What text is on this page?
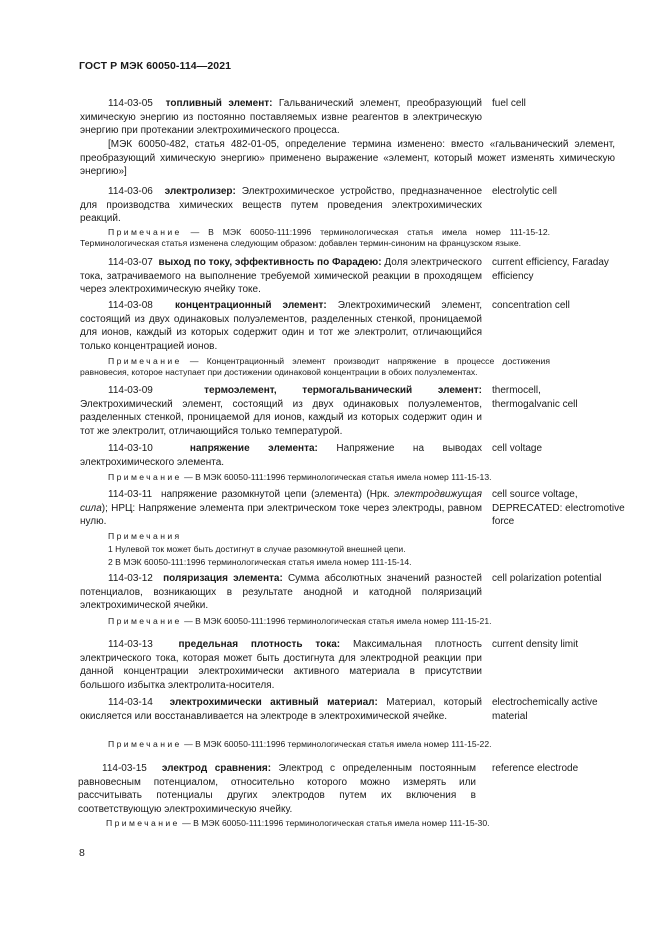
ГОСТ Р МЭК 60050-114—2021
114-03-05 топливный элемент: Гальванический элемент, преобразующий химическую энергию из постоянно поставляемых извне реагентов в электрическую энергию при протекании электрохимического процесса.
fuel cell
[МЭК 60050-482, статья 482-01-05, определение термина изменено: вместо «гальванический элемент, преобразующий химическую энергию» применено выражение «элемент, который может изменять химическую энергию»]
114-03-06 электролизер: Электрохимическое устройство, предназначенное для производства химических веществ путем проведения электрохимических реакций.
electrolytic cell
Примечание — В МЭК 60050-111:1996 терминологическая статья имела номер 111-15-12. Терминологическая статья изменена следующим образом: добавлен термин-синоним на французском языке.
114-03-07 выход по току, эффективность по Фарадею: Доля электрического тока, затрачиваемого на выполнение требуемой химической реакции в проходящем через электрохимическую ячейку токе.
current efficiency, Faraday efficiency
114-03-08 концентрационный элемент: Электрохимический элемент, состоящий из двух одинаковых полуэлементов, разделенных стенкой, проницаемой для ионов, каждый из которых содержит один и тот же электролит, отличающийся только концентрацией ионов.
concentration cell
Примечание — Концентрационный элемент производит напряжение в процессе достижения равновесия, которое наступает при достижении одинаковой концентрации в обоих полуэлементах.
114-03-09	термоэлемент, термогальванический элемент: Электрохимический элемент, состоящий из двух одинаковых полуэлементов, разделенных стенкой, проницаемой для ионов, каждый из которых содержит один и тот же электролит, отличающийся только температурой.
thermocell, thermogalvanic cell
114-03-10	напряжение элемента: Напряжение на выводах электрохимического элемента.
cell voltage
Примечание — В МЭК 60050-111:1996 терминологическая статья имела номер 111-15-13.
114-03-11 напряжение разомкнутой цепи (элемента) (Нрк. электродвижущая сила); НРЦ: Напряжение элемента при электрическом токе через электроды, равном нулю.
cell source voltage, DEPRECATED: electromotive force
Примечания
1 Нулевой ток может быть достигнут в случае разомкнутой внешней цепи.
2 В МЭК 60050-111:1996 терминологическая статья имела номер 111-15-14.
114-03-12 поляризация элемента: Сумма абсолютных значений разностей потенциалов, возникающих в результате анодной и катодной поляризаций электрохимической ячейки.
cell polarization potential
Примечание — В МЭК 60050-111:1996 терминологическая статья имела номер 111-15-21.
114-03-13	предельная плотность тока: Максимальная плотность электрического тока, которая может быть достигнута для электродной реакции при данной концентрации электрохимически активного материала в присутствии большого избытка электролита-носителя.
current density limit
114-03-14 электрохимически активный материал: Материал, который окисляется или восстанавливается на электроде в электрохимической ячейке.
electrochemically active material
Примечание — В МЭК 60050-111:1996 терминологическая статья имела номер 111-15-22.
114-03-15 электрод сравнения: Электрод с определенным постоянным равновесным потенциалом, относительно которого можно измерять или рассчитывать потенциалы других электродов путем их включения в соответствующую электрохимическую ячейку.
reference electrode
Примечание — В МЭК 60050-111:1996 терминологическая статья имела номер 111-15-30.
8
